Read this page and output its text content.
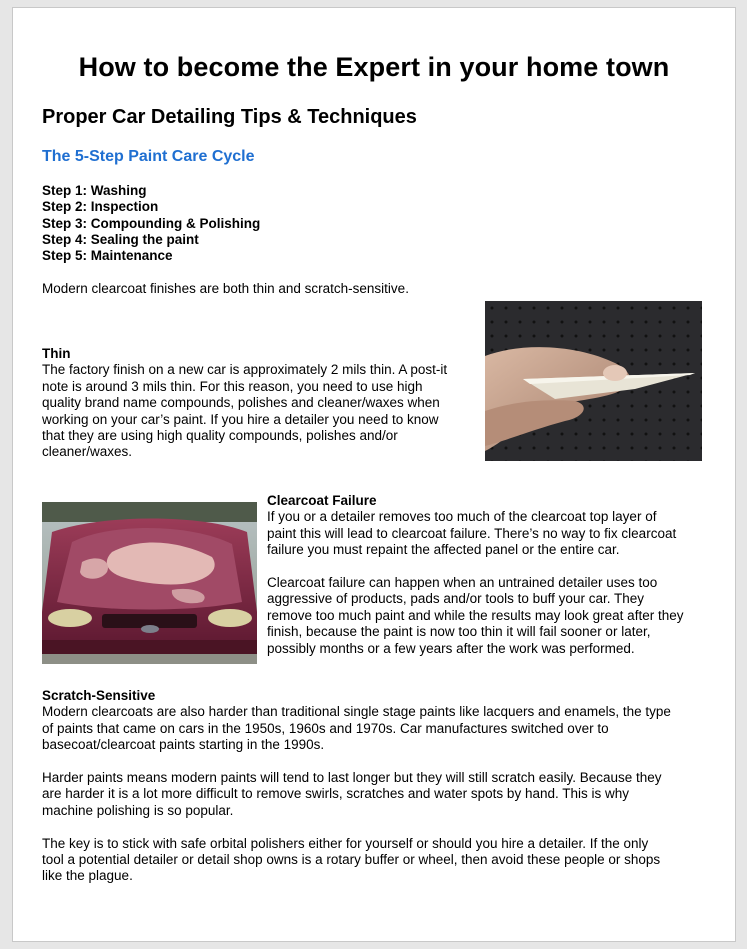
How to become the Expert in your home town
Proper Car Detailing Tips & Techniques
The 5-Step Paint Care Cycle
Step 1: Washing
Step 2: Inspection
Step 3: Compounding & Polishing
Step 4: Sealing the paint
Step 5: Maintenance

Modern clearcoat finishes are both thin and scratch-sensitive.

Thin

The factory finish on a new car is approximately 2 mils thin. A post-it

note is around 3 mils thin. For this reason, you need to use high

quality brand name compounds, polishes and cleaner/waxes when

working on your car’s paint. If you hire a detailer you need to know

that they are using high quality compounds, polishes and/or

cleaner/waxes.

Clearcoat Failure

If you or a detailer removes too much of the clearcoat top layer of

paint this will lead to clearcoat failure. There’s no way to fix clearcoat

failure you must repaint the affected panel or the entire car.

Clearcoat failure can happen when an untrained detailer uses too

aggressive of products, pads and/or tools to buff your car. They

remove too much paint and while the results may look great after they

finish, because the paint is now too thin it will fail sooner or later,

possibly months or a few years after the work was performed.

Scratch-Sensitive

Modern clearcoats are also harder than traditional single stage paints like lacquers and enamels, the type

of paints that came on cars in the 1950s, 1960s and 1970s. Car manufactures switched over to

basecoat/clearcoat paints starting in the 1990s.

Harder paints means modern paints will tend to last longer but they will still scratch easily. Because they

are harder it is a lot more difficult to remove swirls, scratches and water spots by hand. This is why

machine polishing is so popular.

The key is to stick with safe orbital polishers either for yourself or should you hire a detailer. If the only

tool a potential detailer or detail shop owns is a rotary buffer or wheel, then avoid these people or shops

like the plague.
